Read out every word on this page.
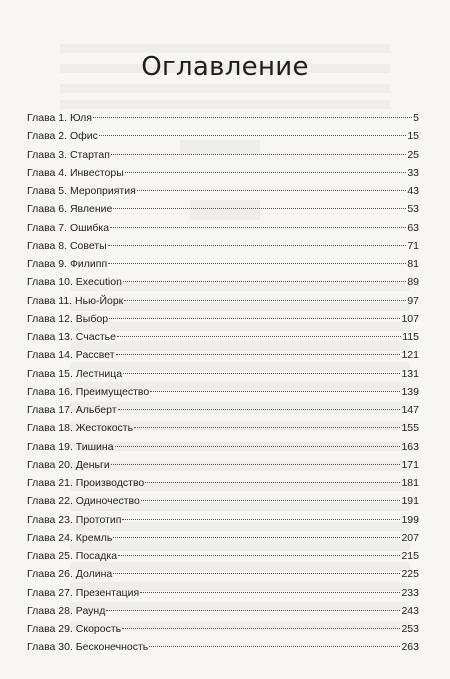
Оглавление
Глава 1. Юля	5
Глава 2. Офис	15
Глава 3. Стартап	25
Глава 4. Инвесторы	33
Глава 5. Мероприятия	43
Глава 6. Явление	53
Глава 7. Ошибка	63
Глава 8. Советы	71
Глава 9. Филипп	81
Глава 10. Execution	89
Глава 11. Нью-Йорк	97
Глава 12. Выбор	107
Глава 13. Счастье	115
Глава 14. Рассвет	121
Глава 15. Лестница	131
Глава 16. Преимущество	139
Глава 17. Альберт	147
Глава 18. Жестокость	155
Глава 19. Тишина	163
Глава 20. Деньги	171
Глава 21. Производство	181
Глава 22. Одиночество	191
Глава 23. Прототип	199
Глава 24. Кремль	207
Глава 25. Посадка	215
Глава 26. Долина	225
Глава 27. Презентация	233
Глава 28. Раунд	243
Глава 29. Скорость	253
Глава 30. Бесконечность	263
